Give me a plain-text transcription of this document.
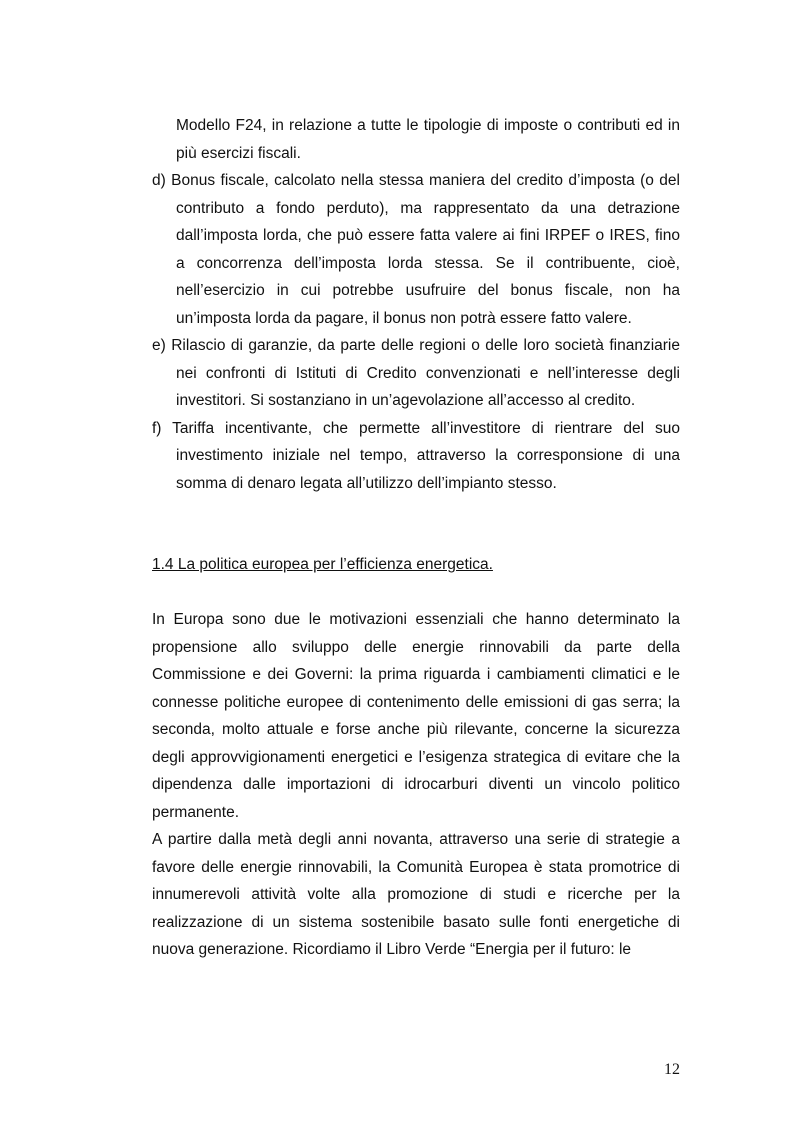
Modello F24, in relazione a tutte le tipologie di imposte o contributi ed in più esercizi fiscali.

d) Bonus fiscale, calcolato nella stessa maniera del credito d’imposta (o del contributo a fondo perduto), ma rappresentato da una detrazione dall’imposta lorda, che può essere fatta valere ai fini IRPEF o IRES, fino a concorrenza dell’imposta lorda stessa. Se il contribuente, cioè, nell’esercizio in cui potrebbe usufruire del bonus fiscale, non ha un’imposta lorda da pagare, il bonus non potrà essere fatto valere.

e) Rilascio di garanzie, da parte delle regioni o delle loro società finanziarie nei confronti di Istituti di Credito convenzionati e nell’interesse degli investitori. Si sostanziano in un’agevolazione all’accesso al credito.

f) Tariffa incentivante, che permette all’investitore di rientrare del suo investimento iniziale nel tempo, attraverso la corresponsione di una somma di denaro legata all’utilizzo dell’impianto stesso.

1.4 La politica europea per l’efficienza energetica.

In Europa sono due le motivazioni essenziali che hanno determinato la propensione allo sviluppo delle energie rinnovabili da parte della Commissione e dei Governi: la prima riguarda i cambiamenti climatici e le connesse politiche europee di contenimento delle emissioni di gas serra; la seconda, molto attuale e forse anche più rilevante, concerne la sicurezza degli approvvigionamenti energetici e l’esigenza strategica di evitare che la dipendenza dalle importazioni di idrocarburi diventi un vincolo politico permanente.

A partire dalla metà degli anni novanta, attraverso una serie di strategie a favore delle energie rinnovabili, la Comunità Europea è stata promotrice di innumerevoli attività volte alla promozione di studi e ricerche per la realizzazione di un sistema sostenibile basato sulle fonti energetiche di nuova generazione. Ricordiamo il Libro Verde “Energia per il futuro: le

12
